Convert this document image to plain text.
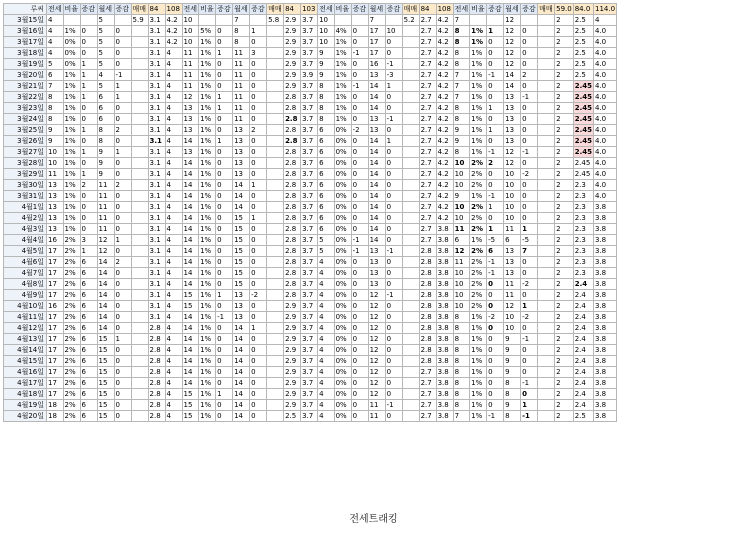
루씨	전세	비율	증감	월세	증감	매매	84	108	전세	비율	증감	월세	증감	매매	84	103	전세	비율	증감	월세	증감	매매	84	108	전세	비율	증감	월세	증감	매매	59.0	84.0	114.0
3월15일	4			5		5.9	3.1	4.2	10			7		5.8	2.9	3.7	10			7		5.2	2.7	4.2	7			12			2	2.5	4
3월16일	4	1%	0	5	0		3.1	4.2	10	5%	0	8	1		2.9	3.7	10	4%	0	17	10		2.7	4.2	8	1%	1	12	0		2	2.5	4.0
3월17일	4	0%	0	5	0		3.1	4.2	10	1%	0	8	0		2.9	3.7	10	1%	0	17	0		2.7	4.2	8	1%	0	12	0		2	2.5	4.0
3월18일	4	0%	0	5	0		3.1	4	11	1%	1	11	3		2.9	3.7	9	1%	-1	17	0		2.7	4.2	8	1%	0	12	0		2	2.5	4.0
3월19일	5	0%	1	5	0		3.1	4	11	1%	0	11	0		2.9	3.7	9	1%	0	16	-1		2.7	4.2	8	1%	0	12	0		2	2.5	4.0
3월20일	6	1%	1	4	-1		3.1	4	11	1%	0	11	0		2.9	3.9	9	1%	0	13	-3		2.7	4.2	7	1%	-1	14	2		2	2.5	4.0
3월21일	7	1%	1	5	1		3.1	4	11	1%	0	11	0		2.9	3.7	8	1%	-1	14	1		2.7	4.2	7	1%	0	14	0		2	2.45	4.0
3월22일	8	1%	1	6	1		3.1	4	12	1%	1	11	0		2.8	3.7	8	1%	0	14	0		2.7	4.2	7	1%	0	13	-1		2	2.45	4.0
3월23일	8	1%	0	6	0		3.1	4	13	1%	1	11	0		2.8	3.7	8	1%	0	14	0		2.7	4.2	8	1%	1	13	0		2	2.45	4.0
3월24일	8	1%	0	6	0		3.1	4	13	1%	0	11	0		2.8	3.7	8	1%	0	13	-1		2.7	4.2	8	1%	0	13	0		2	2.45	4.0
3월25일	9	1%	1	8	2		3.1	4	13	1%	0	13	2		2.8	3.7	6	0%	-2	13	0		2.7	4.2	9	1%	1	13	0		2	2.45	4.0
3월26일	9	1%	0	8	0		3.1	4	14	1%	1	13	0		2.8	3.7	6	0%	0	14	1		2.7	4.2	9	1%	0	13	0		2	2.45	4.0
3월27일	10	1%	1	9	1		3.1	4	13	1%	0	13	0		2.8	3.7	6	0%	0	14	0		2.7	4.2	8	1%	-1	12	-1		2	2.45	4.0
3월28일	10	1%	0	9	0		3.1	4	14	1%	0	13	0		2.8	3.7	6	0%	0	14	0		2.7	4.2	10	2%	2	12	0		2	2.45	4.0
3월29일	11	1%	1	9	0		3.1	4	14	1%	0	13	0		2.8	3.7	6	0%	0	14	0		2.7	4.2	10	2%	0	10	-2		2	2.45	4.0
3월30일	13	1%	2	11	2		3.1	4	14	1%	0	14	1		2.8	3.7	6	0%	0	14	0		2.7	4.2	10	2%	0	10	0		2	2.3	4.0
3월31일	13	1%	0	11	0		3.1	4	14	1%	0	14	0		2.8	3.7	6	0%	0	14	0		2.7	4.2	9	1%	-1	10	0		2	2.3	4.0
4월1일	13	1%	0	11	0		3.1	4	14	1%	0	14	0		2.8	3.7	6	0%	0	14	0		2.7	4.2	10	2%	1	10	0		2	2.3	3.8
4월2일	13	1%	0	11	0		3.1	4	14	1%	0	15	1		2.8	3.7	6	0%	0	14	0		2.7	4.2	10	2%	0	10	0		2	2.3	3.8
4월3일	13	1%	0	11	0		3.1	4	14	1%	0	15	0		2.8	3.7	6	0%	0	14	0		2.7	3.8	11	2%	1	11	1		2	2.3	3.8
4월4일	16	2%	3	12	1		3.1	4	14	1%	0	15	0		2.8	3.7	5	0%	-1	14	0		2.7	3.8	6	1%	-5	6	-5		2	2.3	3.8
4월5일	17	2%	1	12	0		3.1	4	14	1%	0	15	0		2.8	3.7	5	0%	-1	13	-1		2.8	3.8	12	2%	6	13	7		2	2.3	3.8
4월6일	17	2%	6	14	2		3.1	4	14	1%	0	15	0		2.8	3.7	4	0%	0	13	0		2.8	3.8	11	2%	-1	13	0		2	2.3	3.8
4월7일	17	2%	6	14	0		3.1	4	14	1%	0	15	0		2.8	3.7	4	0%	0	13	0		2.8	3.8	10	2%	-1	13	0		2	2.3	3.8
4월8일	17	2%	6	14	0		3.1	4	14	1%	0	15	0		2.8	3.7	4	0%	0	13	0		2.8	3.8	10	2%	0	11	-2		2	2.4	3.8
4월9일	17	2%	6	14	0		3.1	4	15	1%	1	13	-2		2.8	3.7	4	0%	0	12	-1		2.8	3.8	10	2%	0	11	0		2	2.4	3.8
4월10일	16	2%	6	14	0		3.1	4	15	1%	0	13	0		2.9	3.7	4	0%	0	12	0		2.8	3.8	10	2%	0	12	1		2	2.4	3.8
4월11일	17	2%	6	14	0		3.1	4	14	1%	-1	13	0		2.9	3.7	4	0%	0	12	0		2.8	3.8	8	1%	-2	10	-2		2	2.4	3.8
4월12일	17	2%	6	14	0		2.8	4	14	1%	0	14	1		2.9	3.7	4	0%	0	12	0		2.8	3.8	8	1%	0	10	0		2	2.4	3.8
4월13일	17	2%	6	15	1		2.8	4	14	1%	0	14	0		2.9	3.7	4	0%	0	12	0		2.8	3.8	8	1%	0	9	-1		2	2.4	3.8
4월14일	17	2%	6	15	0		2.8	4	14	1%	0	14	0		2.9	3.7	4	0%	0	12	0		2.8	3.8	8	1%	0	9	0		2	2.4	3.8
4월15일	17	2%	6	15	0		2.8	4	14	1%	0	14	0		2.9	3.7	4	0%	0	12	0		2.8	3.8	8	1%	0	9	0		2	2.4	3.8
4월16일	17	2%	6	15	0		2.8	4	14	1%	0	14	0		2.9	3.7	4	0%	0	12	0		2.7	3.8	8	1%	0	9	0		2	2.4	3.8
4월17일	17	2%	6	15	0		2.8	4	14	1%	0	14	0		2.9	3.7	4	0%	0	12	0		2.7	3.8	8	1%	0	8	-1		2	2.4	3.8
4월18일	17	2%	6	15	0		2.8	4	15	1%	1	14	0		2.9	3.7	4	0%	0	12	0		2.7	3.8	8	1%	0	8	0		2	2.4	3.8
4월19일	18	2%	6	15	0		2.8	4	15	1%	0	14	0		2.9	3.7	4	0%	0	11	-1		2.7	3.8	8	1%	0	9	1		2	2.4	3.8
4월20일	18	2%	6	15	0		2.8	4	15	1%	0	14	0		2.5	3.7	4	0%	0	11	0		2.7	3.8	7	1%	-1	8	-1		2	2.5	3.8
전세트래킹
